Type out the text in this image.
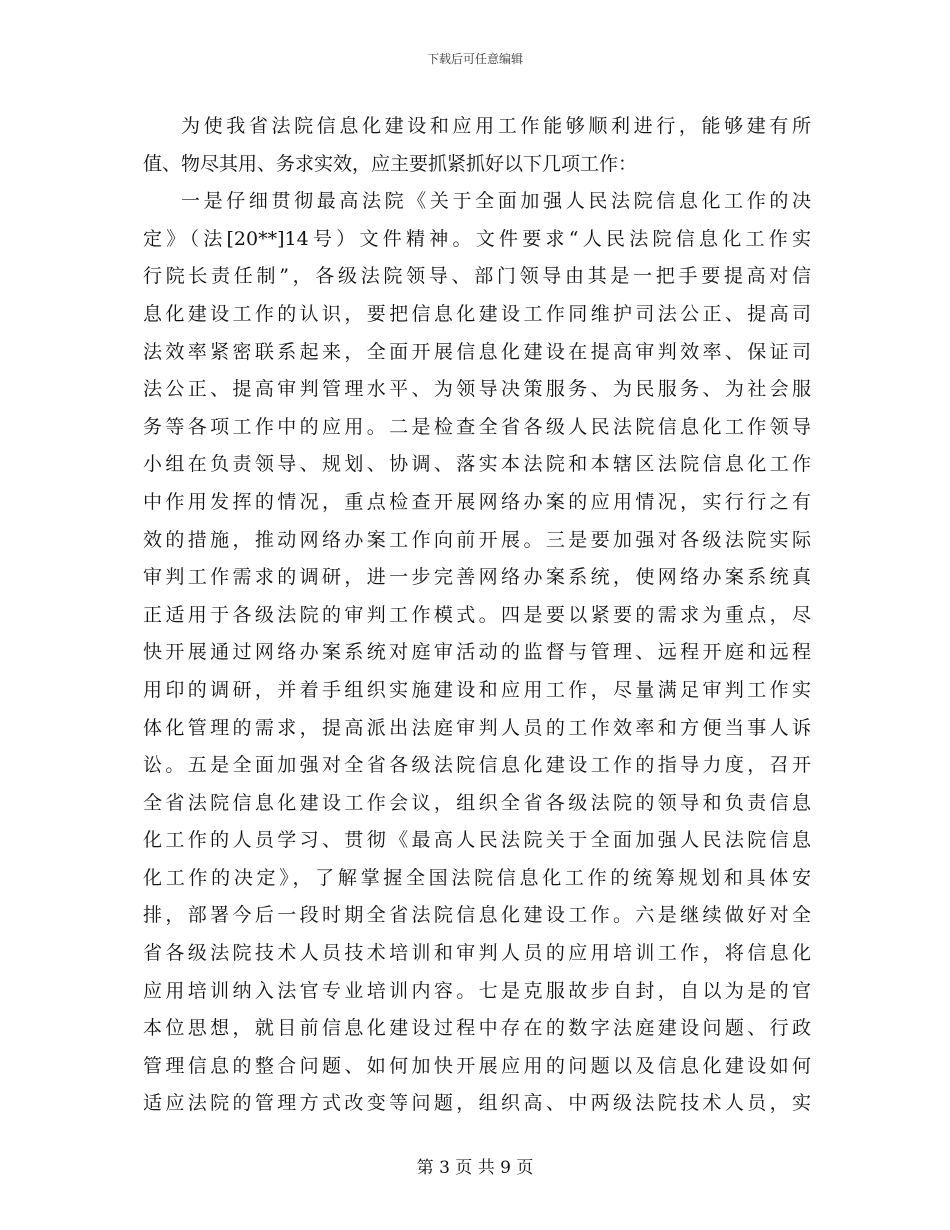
下载后可任意编辑
为使我省法院信息化建设和应用工作能够顺利进行，能够建有所
值、物尽其用、务求实效，应主要抓紧抓好以下几项工作：
一是仔细贯彻最高法院《关于全面加强人民法院信息化工作的决
定》（法[20**]14号）文件精神。文件要求“人民法院信息化工作实
行院长责任制”，各级法院领导、部门领导由其是一把手要提高对信
息化建设工作的认识，要把信息化建设工作同维护司法公正、提高司
法效率紧密联系起来，全面开展信息化建设在提高审判效率、保证司
法公正、提高审判管理水平、为领导决策服务、为民服务、为社会服
务等各项工作中的应用。二是检查全省各级人民法院信息化工作领导
小组在负责领导、规划、协调、落实本法院和本辖区法院信息化工作
中作用发挥的情况，重点检查开展网络办案的应用情况，实行行之有
效的措施，推动网络办案工作向前开展。三是要加强对各级法院实际
审判工作需求的调研，进一步完善网络办案系统，使网络办案系统真
正适用于各级法院的审判工作模式。四是要以紧要的需求为重点，尽
快开展通过网络办案系统对庭审活动的监督与管理、远程开庭和远程
用印的调研，并着手组织实施建设和应用工作，尽量满足审判工作实
体化管理的需求，提高派出法庭审判人员的工作效率和方便当事人诉
讼。五是全面加强对全省各级法院信息化建设工作的指导力度，召开
全省法院信息化建设工作会议，组织全省各级法院的领导和负责信息
化工作的人员学习、贯彻《最高人民法院关于全面加强人民法院信息
化工作的决定》，了解掌握全国法院信息化工作的统筹规划和具体安
排，部署今后一段时期全省法院信息化建设工作。六是继续做好对全
省各级法院技术人员技术培训和审判人员的应用培训工作，将信息化
应用培训纳入法官专业培训内容。七是克服故步自封，自以为是的官
本位思想，就目前信息化建设过程中存在的数字法庭建设问题、行政
管理信息的整合问题、如何加快开展应用的问题以及信息化建设如何
适应法院的管理方式改变等问题，组织高、中两级法院技术人员，实
第 3 页 共 9 页
